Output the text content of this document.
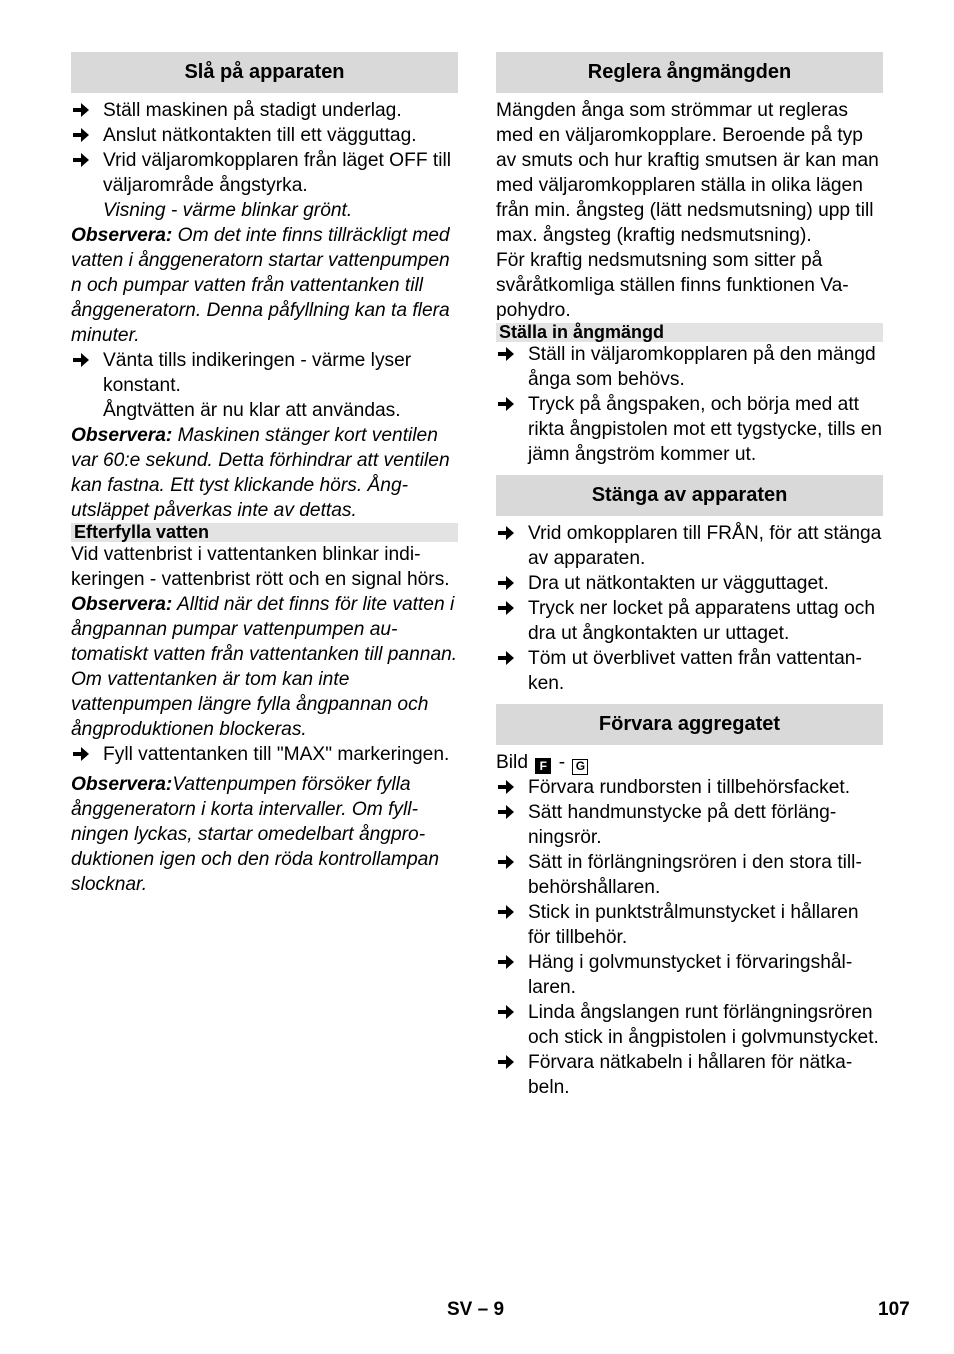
Slå på apparaten
Ställ maskinen på stadigt underlag.
Anslut nätkontakten till ett vägguttag.
Vrid väljaromkopplaren från läget OFF till väljarområde ångstyrka.

Visning - värme blinkar grönt.

Observera: Om det inte finns tillräckligt med vatten i ånggeneratorn startar vattenpumpen n och pumpar vatten från vattentanken till ånggeneratorn. Denna påfyllning kan ta flera minuter.

Vänta tills indikeringen - värme lyser konstant.

Ångtvätten är nu klar att användas.

Observera: Maskinen stänger kort ventilen var 60:e sekund. Detta förhindrar att ventilen kan fastna. Ett tyst klickande hörs. Ångutsläppet påverkas inte av dettas.

Efterfylla vatten

Vid vattenbrist i vattentanken blinkar indikeringen - vattenbrist rött och en signal hörs.

Observera: Alltid när det finns för lite vatten i ångpannan pumpar vattenpumpen automatiskt vatten från vattentanken till pannan. Om vattentanken är tom kan inte vattenpumpen längre fylla ångpannan och ångproduktionen blockeras.

Fyll vattentanken till "MAX" markeringen.

Observera:Vattenpumpen försöker fylla ånggeneratorn i korta intervaller. Om fyllningen lyckas, startar omedelbart ångproduktionen igen och den röda kontrollampan slocknar.

Reglera ångmängden

Mängden ånga som strömmar ut regleras med en väljaromkopplare. Beroende på typ av smuts och hur kraftig smutsen är kan man med väljaromkopplaren ställa in olika lägen från min. ångsteg (lätt nedsmutsning) upp till max. ångsteg (kraftig nedsmutsning).

För kraftig nedsmutsning som sitter på svåråtkomliga ställen finns funktionen Vapohydro.

Ställa in ångmängd
Ställ in väljaromkopplaren på den mängd ånga som behövs.
Tryck på ångspaken, och börja med att rikta ångpistolen mot ett tygstycke, tills en jämn ångström kommer ut.
Stänga av apparaten
Vrid omkopplaren till FRÅN, för att stänga av apparaten.
Dra ut nätkontakten ur vägguttaget.
Tryck ner locket på apparatens uttag och dra ut ångkontakten ur uttaget.
Töm ut överblivet vatten från vattentanken.
Förvara aggregatet

Bild F - G

Förvara rundborsten i tillbehörsfacket.
Sätt handmunstycke på dett förlängningsrör.
Sätt in förlängningsrören i den stora tillbehörshållaren.
Stick in punktstrålmunstycket i hållaren för tillbehör.
Häng i golvmunstycket i förvaringshållaren.
Linda ångslangen runt förlängningsrören och stick in ångpistolen i golvmunstycket.
Förvara nätkabeln i hållaren för nätkabeln.
SV – 9	107
